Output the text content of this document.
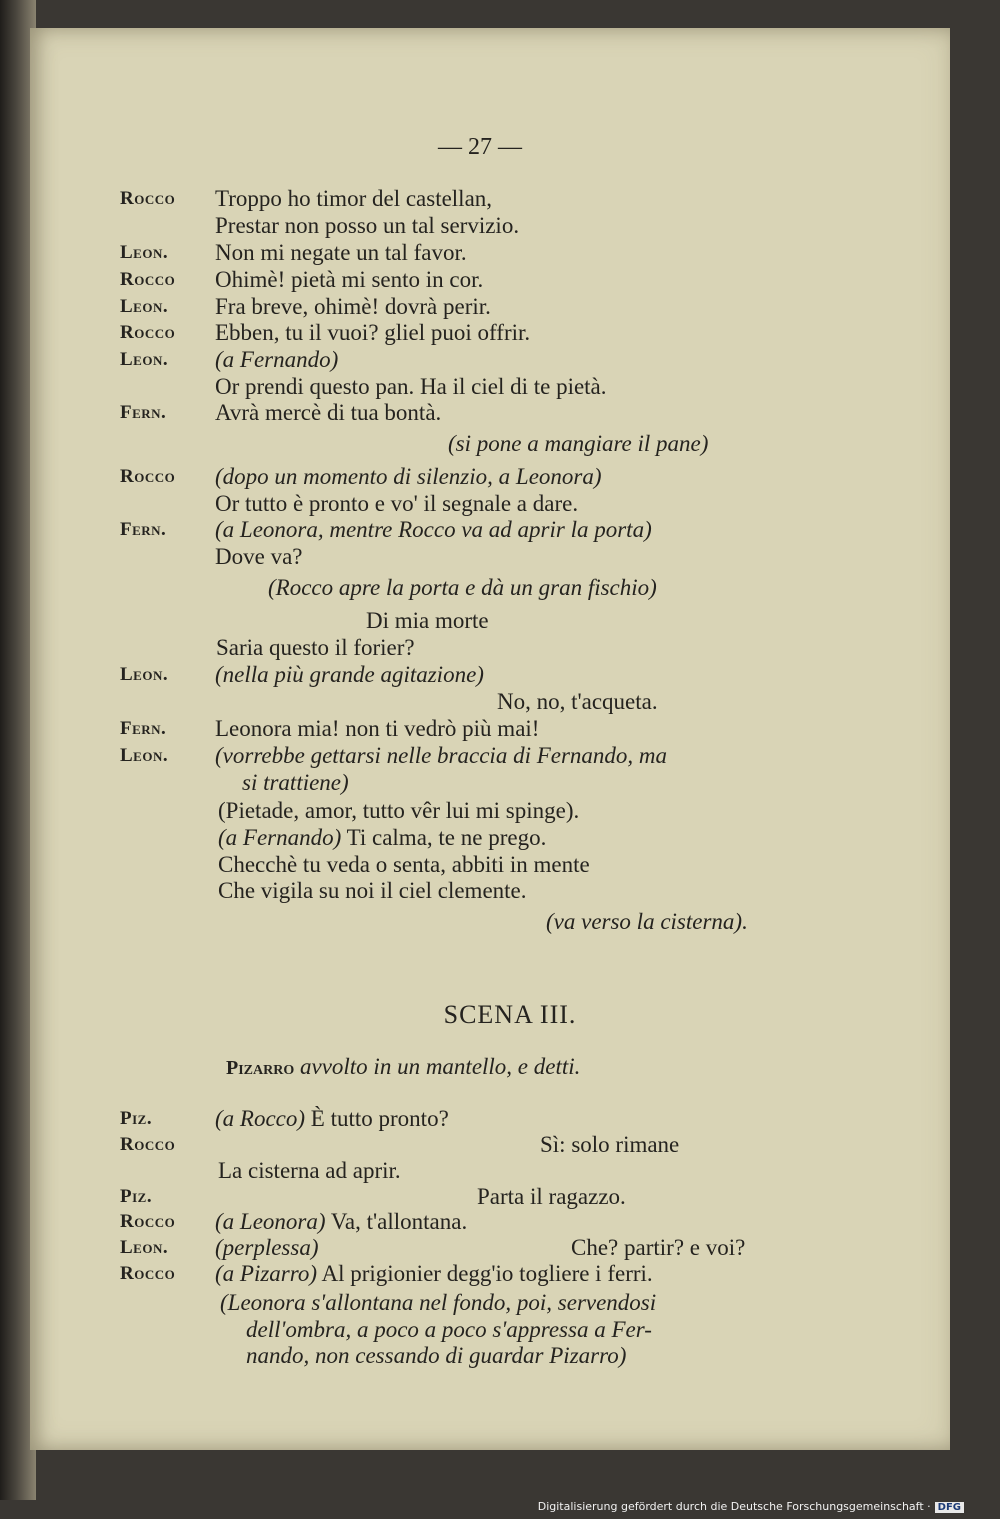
— 27 —
Rocco Troppo ho timor del castellan,
Prestar non posso un tal servizio.
Leon. Non mi negate un tal favor.
Rocco Ohimè! pietà mi sento in cor.
Leon. Fra breve, ohimè! dovrà perir.
Rocco Ebben, tu il vuoi? gliel puoi offrir.
Leon. (a Fernando)
Or prendi questo pan. Ha il ciel di te pietà.
Fern. Avrà mercè di tua bontà.
(si pone a mangiare il pane)
Rocco (dopo un momento di silenzio, a Leonora)
Or tutto è pronto e vo' il segnale a dare.
Fern. (a Leonora, mentre Rocco va ad aprir la porta)
Dove va?
(Rocco apre la porta e dà un gran fischio)
Di mia morte
Saria questo il forier?
Leon. (nella più grande agitazione)
No, no, t'acqueta.
Fern. Leonora mia! non ti vedrò più mai!
Leon. (vorrebbe gettarsi nelle braccia di Fernando, ma
si trattiene)
(Pietade, amor, tutto vêr lui mi spinge).
(a Fernando) Ti calma, te ne prego.
Checchè tu veda o senta, abbiti in mente
Che vigila su noi il ciel clemente.
(va verso la cisterna).
SCENA III.
Pizarro avvolto in un mantello, e detti.
Piz.	(a Rocco) È tutto pronto?
Rocco	Sì: solo rimane
La cisterna ad aprir.
Piz.	Parta il ragazzo.
Rocco (a Leonora) Va, t'allontana.
Leon. (perplessa)	Che? partir? e voi?
Rocco (a Pizarro) Al prigionier degg'io togliere i ferri.
(Leonora s'allontana nel fondo, poi, servendosi
dell'ombra, a poco a poco s'appressa a Fer-
nando, non cessando di guardar Pizarro)
Digitalisierung gefördert durch die Deutsche Forschungsgemeinschaft · DFG
